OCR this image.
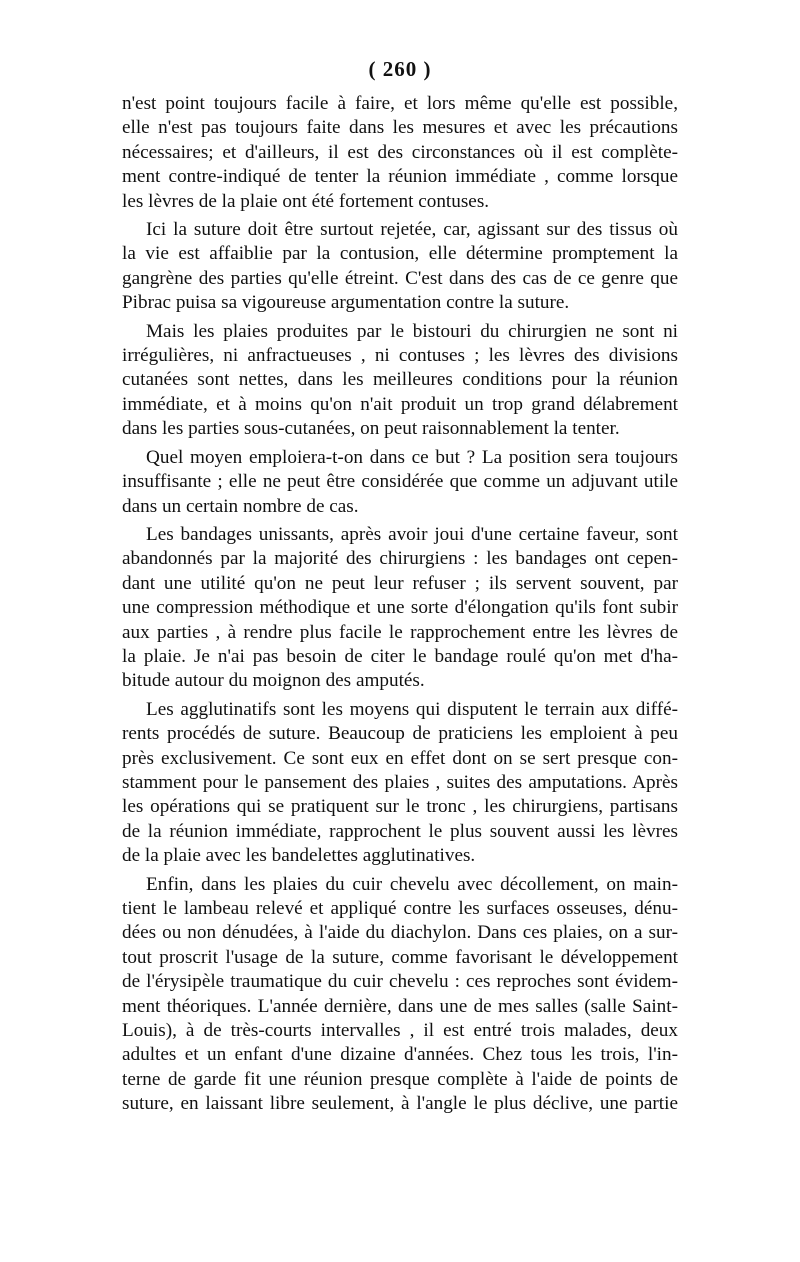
( 260 )
n'est point toujours facile à faire, et lors même qu'elle est possible,
elle n'est pas toujours faite dans les mesures et avec les précautions
nécessaires; et d'ailleurs, il est des circonstances où il est complète-
ment contre-indiqué de tenter la réunion immédiate , comme lorsque
les lèvres de la plaie ont été fortement contuses.
Ici la suture doit être surtout rejetée, car, agissant sur des tissus où
la vie est affaiblie par la contusion, elle détermine promptement la
gangrène des parties qu'elle étreint. C'est dans des cas de ce genre que
Pibrac puisa sa vigoureuse argumentation contre la suture.
Mais les plaies produites par le bistouri du chirurgien ne sont ni
irrégulières, ni anfractueuses , ni contuses ; les lèvres des divisions
cutanées sont nettes, dans les meilleures conditions pour la réunion
immédiate, et à moins qu'on n'ait produit un trop grand délabrement
dans les parties sous-cutanées, on peut raisonnablement la tenter.
Quel moyen emploiera-t-on dans ce but ? La position sera toujours
insuffisante ; elle ne peut être considérée que comme un adjuvant utile
dans un certain nombre de cas.
Les bandages unissants, après avoir joui d'une certaine faveur, sont
abandonnés par la majorité des chirurgiens : les bandages ont cepen-
dant une utilité qu'on ne peut leur refuser ; ils servent souvent, par
une compression méthodique et une sorte d'élongation qu'ils font subir
aux parties , à rendre plus facile le rapprochement entre les lèvres de
la plaie. Je n'ai pas besoin de citer le bandage roulé qu'on met d'ha-
bitude autour du moignon des amputés.
Les agglutinatifs sont les moyens qui disputent le terrain aux diffé-
rents procédés de suture. Beaucoup de praticiens les emploient à peu
près exclusivement. Ce sont eux en effet dont on se sert presque con-
stamment pour le pansement des plaies , suites des amputations. Après
les opérations qui se pratiquent sur le tronc , les chirurgiens, partisans
de la réunion immédiate, rapprochent le plus souvent aussi les lèvres
de la plaie avec les bandelettes agglutinatives.
Enfin, dans les plaies du cuir chevelu avec décollement, on main-
tient le lambeau relevé et appliqué contre les surfaces osseuses, dénu-
dées ou non dénudées, à l'aide du diachylon. Dans ces plaies, on a sur-
tout proscrit l'usage de la suture, comme favorisant le développement
de l'érysipèle traumatique du cuir chevelu : ces reproches sont évidem-
ment théoriques. L'année dernière, dans une de mes salles (salle Saint-
Louis), à de très-courts intervalles , il est entré trois malades, deux
adultes et un enfant d'une dizaine d'années. Chez tous les trois, l'in-
terne de garde fit une réunion presque complète à l'aide de points de
suture, en laissant libre seulement, à l'angle le plus déclive, une partie
